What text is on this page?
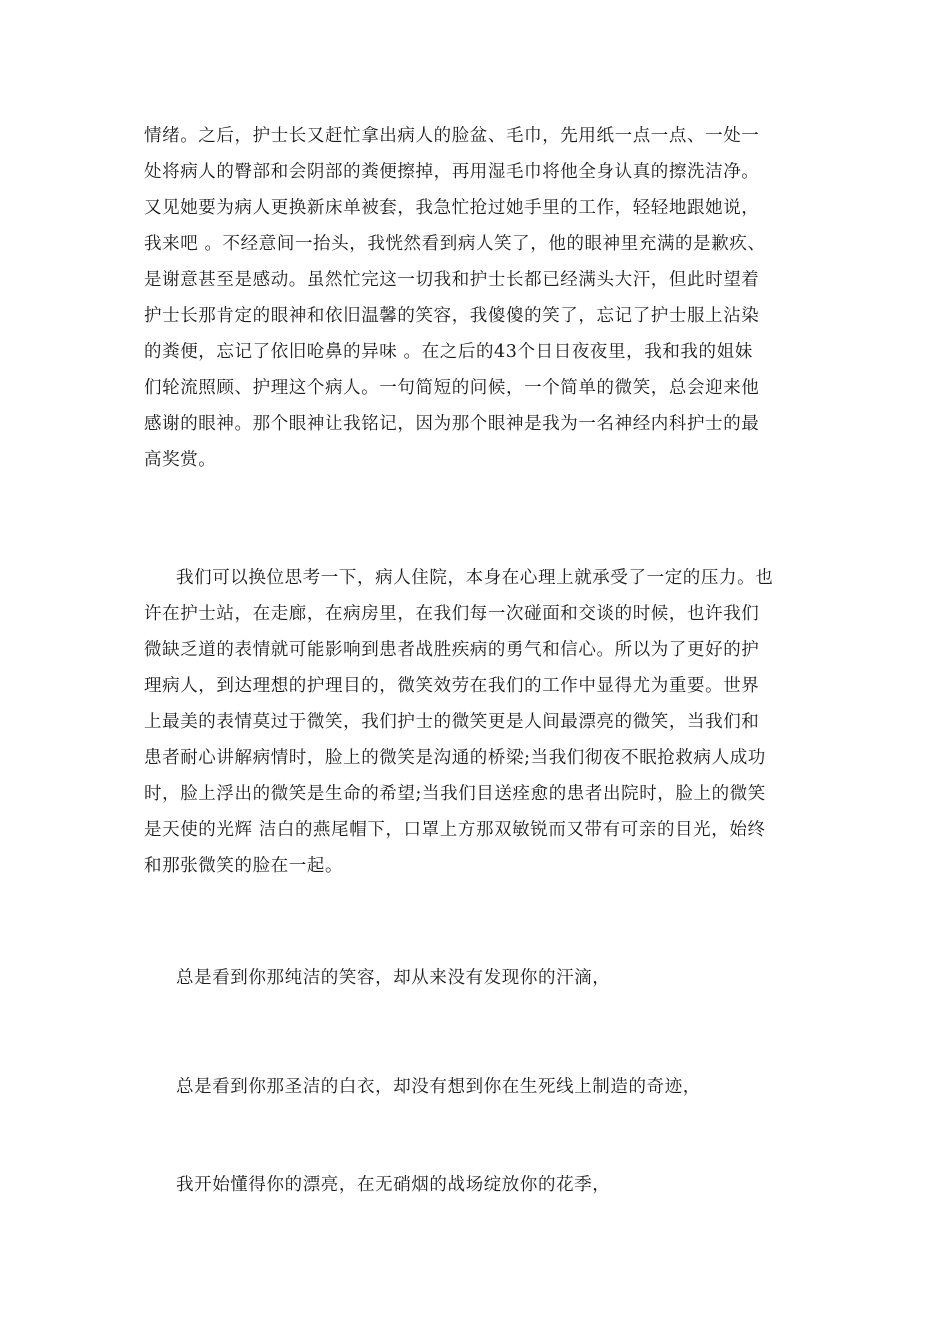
情绪。之后，护士长又赶忙拿出病人的脸盆、毛巾，先用纸一点一点、一处一
处将病人的臀部和会阴部的粪便擦掉，再用湿毛巾将他全身认真的擦洗洁净。
又见她要为病人更换新床单被套，我急忙抢过她手里的工作，轻轻地跟她说，
我来吧 。不经意间一抬头，我恍然看到病人笑了，他的眼神里充满的是歉疚、
是谢意甚至是感动。虽然忙完这一切我和护士长都已经满头大汗，但此时望着
护士长那肯定的眼神和依旧温馨的笑容，我傻傻的笑了，忘记了护士服上沾染
的粪便，忘记了依旧呛鼻的异味 。在之后的43个日日夜夜里，我和我的姐妹
们轮流照顾、护理这个病人。一句简短的问候，一个简单的微笑，总会迎来他
感谢的眼神。那个眼神让我铭记，因为那个眼神是我为一名神经内科护士的最
高奖赏。
我们可以换位思考一下，病人住院，本身在心理上就承受了一定的压力。也
许在护士站，在走廊，在病房里，在我们每一次碰面和交谈的时候，也许我们
微缺乏道的表情就可能影响到患者战胜疾病的勇气和信心。所以为了更好的护
理病人，到达理想的护理目的，微笑效劳在我们的工作中显得尤为重要。世界
上最美的表情莫过于微笑，我们护士的微笑更是人间最漂亮的微笑，当我们和
患者耐心讲解病情时，脸上的微笑是沟通的桥梁;当我们彻夜不眠抢救病人成功
时，脸上浮出的微笑是生命的希望;当我们目送痊愈的患者出院时，脸上的微笑
是天使的光辉 洁白的燕尾帽下，口罩上方那双敏锐而又带有可亲的目光，始终
和那张微笑的脸在一起。
总是看到你那纯洁的笑容，却从来没有发现你的汗滴，
总是看到你那圣洁的白衣，却没有想到你在生死线上制造的奇迹，
我开始懂得你的漂亮，在无硝烟的战场绽放你的花季，
